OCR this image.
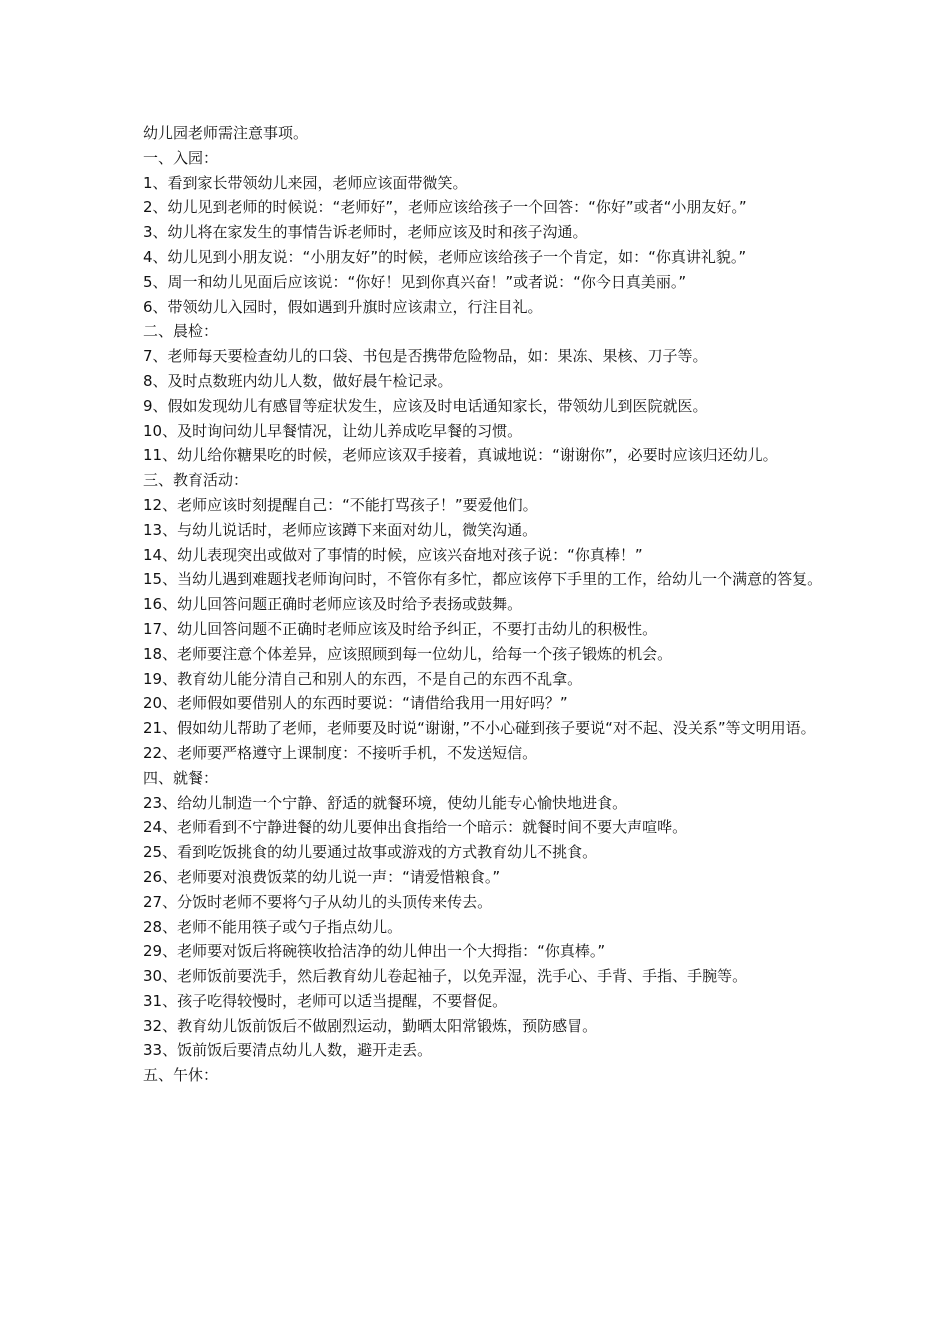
幼儿园老师需注意事项。

一、入园：

1、看到家长带领幼儿来园，老师应该面带微笑。

2、幼儿见到老师的时候说：“老师好”，老师应该给孩子一个回答：“你好”或者“小朋友好。”

3、幼儿将在家发生的事情告诉老师时，老师应该及时和孩子沟通。

4、幼儿见到小朋友说：“小朋友好”的时候，老师应该给孩子一个肯定，如：“你真讲礼貌。”

5、周一和幼儿见面后应该说：“你好！见到你真兴奋！”或者说：“你今日真美丽。”

6、带领幼儿入园时，假如遇到升旗时应该肃立，行注目礼。

二、晨检：

7、老师每天要检查幼儿的口袋、书包是否携带危险物品，如：果冻、果核、刀子等。

8、及时点数班内幼儿人数，做好晨午检记录。

9、假如发现幼儿有感冒等症状发生，应该及时电话通知家长，带领幼儿到医院就医。

10、及时询问幼儿早餐情况，让幼儿养成吃早餐的习惯。

11、幼儿给你糖果吃的时候，老师应该双手接着，真诚地说：“谢谢你”，必要时应该归还幼儿。

三、教育活动：

12、老师应该时刻提醒自己：“不能打骂孩子！”要爱他们。

13、与幼儿说话时，老师应该蹲下来面对幼儿，微笑沟通。

14、幼儿表现突出或做对了事情的时候，应该兴奋地对孩子说：“你真棒！”

15、当幼儿遇到难题找老师询问时，不管你有多忙，都应该停下手里的工作，给幼儿一个满意的答复。

16、幼儿回答问题正确时老师应该及时给予表扬或鼓舞。

17、幼儿回答问题不正确时老师应该及时给予纠正，不要打击幼儿的积极性。

18、老师要注意个体差异，应该照顾到每一位幼儿，给每一个孩子锻炼的机会。

19、教育幼儿能分清自己和别人的东西，不是自己的东西不乱拿。

20、老师假如要借别人的东西时要说：“请借给我用一用好吗？”

21、假如幼儿帮助了老师，老师要及时说“谢谢，”不小心碰到孩子要说“对不起、没关系”等文明用语。

22、老师要严格遵守上课制度：不接听手机，不发送短信。

四、就餐：

23、给幼儿制造一个宁静、舒适的就餐环境，使幼儿能专心愉快地进食。

24、老师看到不宁静进餐的幼儿要伸出食指给一个暗示：就餐时间不要大声喧哗。

25、看到吃饭挑食的幼儿要通过故事或游戏的方式教育幼儿不挑食。

26、老师要对浪费饭菜的幼儿说一声：“请爱惜粮食。”

27、分饭时老师不要将勺子从幼儿的头顶传来传去。

28、老师不能用筷子或勺子指点幼儿。

29、老师要对饭后将碗筷收拾洁净的幼儿伸出一个大拇指：“你真棒。”

30、老师饭前要洗手，然后教育幼儿卷起袖子，以免弄湿，洗手心、手背、手指、手腕等。

31、孩子吃得较慢时，老师可以适当提醒，不要督促。

32、教育幼儿饭前饭后不做剧烈运动，勤晒太阳常锻炼，预防感冒。

33、饭前饭后要清点幼儿人数，避开走丢。

五、午休：
